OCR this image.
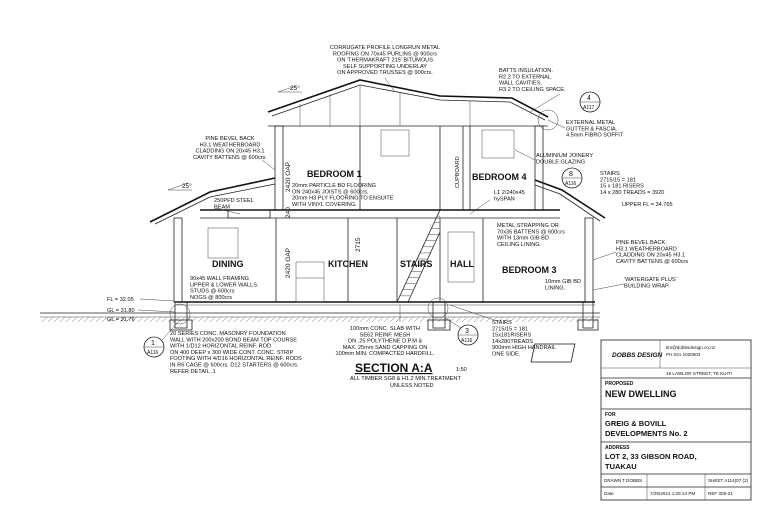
25°
25°	2420 OAP
240
2420 OAP
2715
CUPBOARD
BEDROOM 1	BEDROOM 4
DINING	KITCHEN	STAIRS HALL
BEDROOM 3
CORRUGATE PROFILE LONGRUN METAL ROOFING ON 70x45 PURLINS @ 900crs ON 'THERMAKRAFT 215' BITUMOUS SELF SUPPORTING UNDERLAY ON APPROVED TRUSSES @ 900crs.	BATTS INSULATION. R2.2 TO EXTERNAL WALL CAVITIES. R3.2 TO CEILING SPACE.
EXTERNAL METAL GUTTER & FASCIA. 4.5mm FIBRO SOFFIT
PINE BEVEL BACK H3.1 WEATHERBOARD CLADDING ON 20x45 H3.1 CAVITY BATTENS @ 600crs.	ALUMINIUM JOINERY DOUBLE GLAZING
STAIRS 2715/15 = 181 15 x 181 RISERS 14 x 280 TREADS = 3920
UPPER FL = 34.765
20mm PARTICLE BD FLOORING ON 240x45 JOISTS @ 600crs. 20mm H3 PLY FLOORING TO ENSUITE WITH VINYL COVERING.
250PFD STEEL BEAM
L1 2/240x45 hySPAN
METAL STRAPPING OR 70x35 BATTENS @ 600crs WITH 13mm GIB BD CEILING LINING.	PINE BEVEL BACK H3.1 WEATHERBOARD CLADDING ON 20x45 H3.1 CAVITY BATTENS @ 600crs
'WATERGATE PLUS' BUILDING WRAP.
90x45 WALL FRAMING UPPER & LOWER WALLS. STUDS @ 600crs NOGS @ 800crs
10mm GIB BD LINING.
20 SERIES CONC. MASONRY FOUNDATION WALL WITH 200x200 BOND BEAM TOP COURSE WITH 1/D12 HORIZONTAL REINF. ROD ON 400 DEEP x 300 WIDE CONT. CONC. STRIP FOOTING WITH 4/D16 HORIZONTAL REINF. RODS IN R6 CAGE @ 600crs. D12 STARTERS @ 600crs. REFER DETAIL .1
100mm CONC. SLAB WITH SE62 REINF. MESH ON .25 POLYTHENE D.P.M & MAX. 25mm SAND CAPPING ON 100mm MIN. COMPACTED HARDFILL.
STAIRS 2715/15 = 181 15x181RISERS 14x280TREADS 900mm HIGH HANDRAIL ONE SIDE.
FL = 32.05
GL = 31.80
GL = 31.76
1
A116
3
A116
4
A117
8
A116
SECTION A:A	1:50
ALL TIMBER SG8 & H1.2 MIN.TREATMENT
UNLESS NOTED
DOBBS DESIGN
tim@dobbsdesign.co.nz
PH 021 1020504
18 LAWLOR STREET, TE KUITI
PROPOSED
NEW DWELLING
FOR
GREIG & BOVILL
DEVELOPMENTS No. 2
ADDRESS
LOT 2, 33 GIBSON ROAD,
TUAKAU
DRAWN T DOBBS	SHEET A114(07 (2)
Date	7/29/2021 1:26:14 PM	REF 005-21
